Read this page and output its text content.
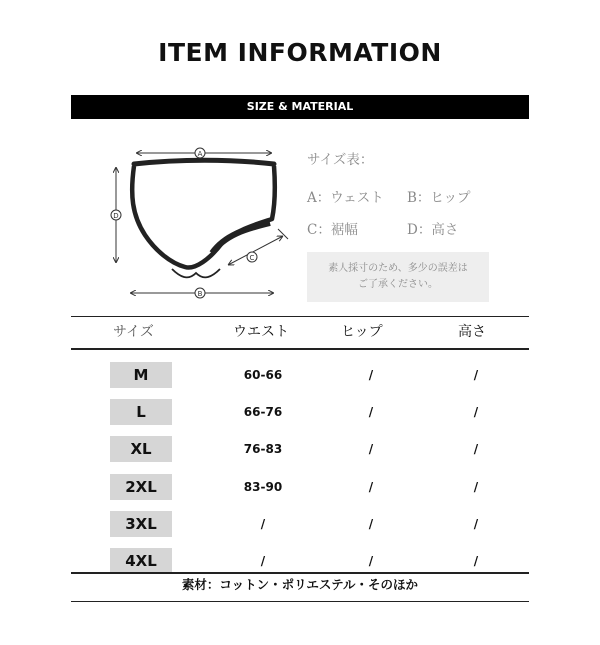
ITEM INFORMATION
SIZE & MATERIAL
A
D
C
B
サイズ表：
A：ウェスト	B：ヒップ
C：裾幅	D：高さ
素人採寸のため、多少の誤差は
ご了承ください。
サイズ	ウエスト	ヒップ	高さ
M	60-66	/	/
L	66-76	/	/
XL	76-83	/	/
2XL	83-90	/	/
3XL	/	/	/
4XL	/	/	/
素材：コットン・ポリエステル・そのほか
